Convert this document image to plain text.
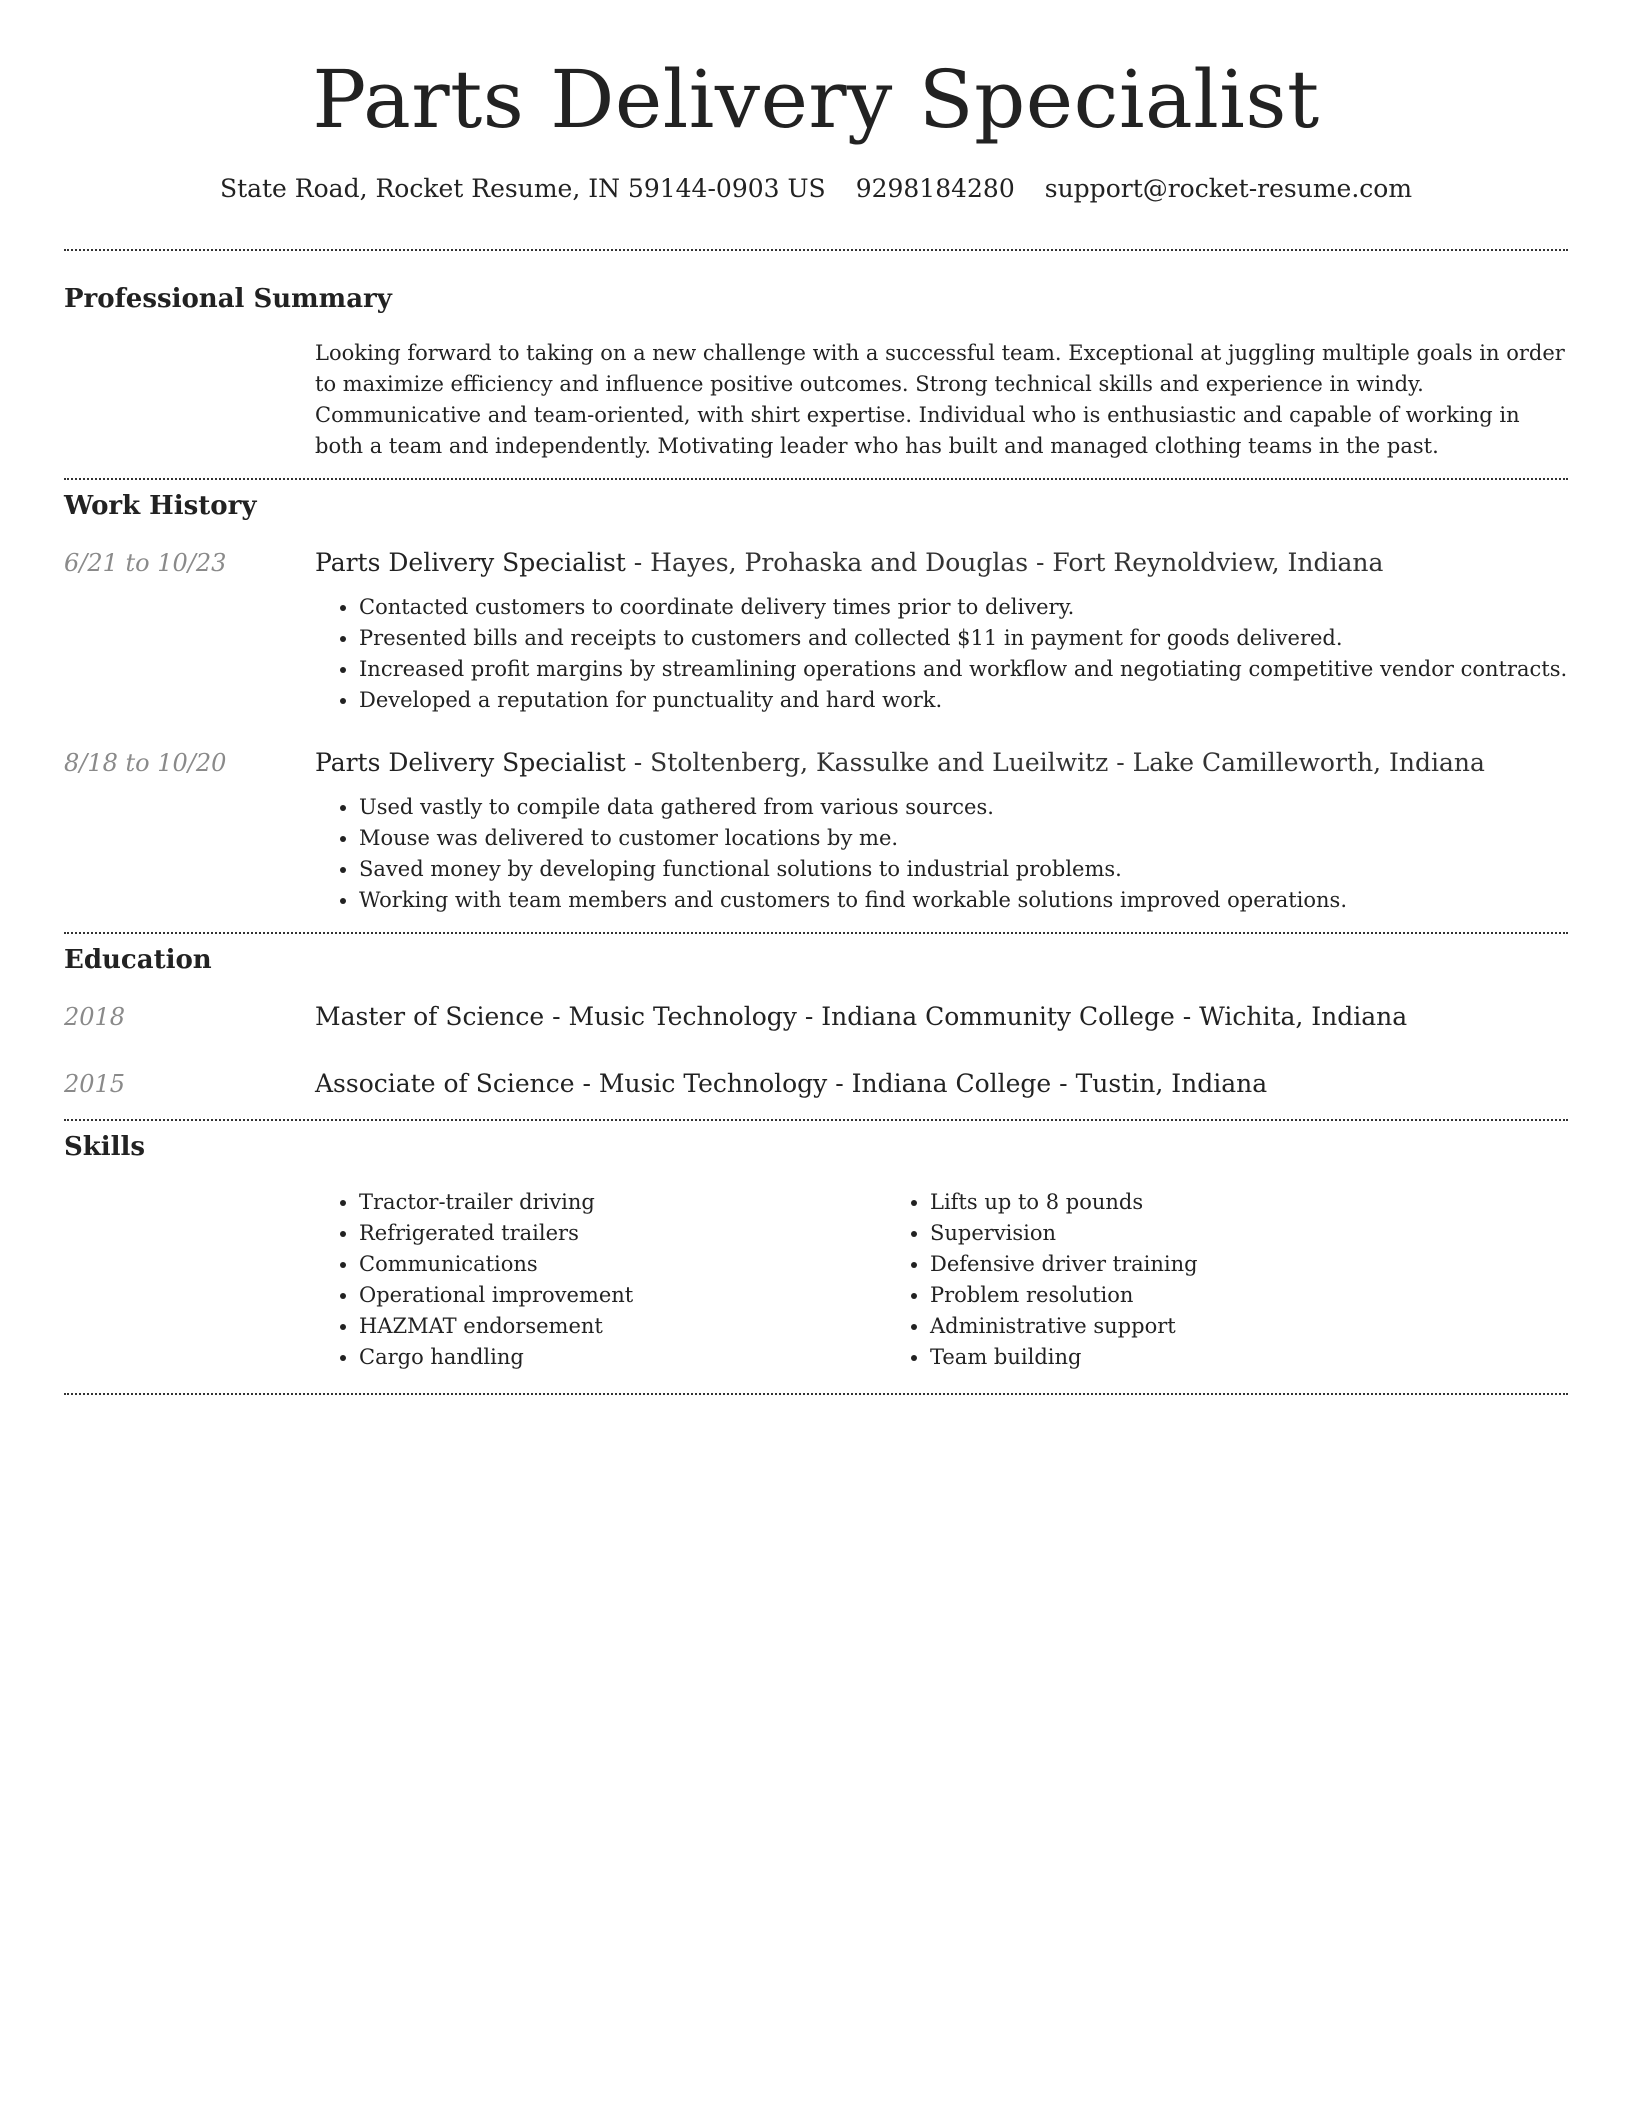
Parts Delivery Specialist
State Road, Rocket Resume, IN 59144-0903 US 9298184280 support@rocket-resume.com
Professional Summary

Looking forward to taking on a new challenge with a successful team. Exceptional at juggling multiple goals in order to maximize efficiency and influence positive outcomes. Strong technical skills and experience in windy. Communicative and team-oriented, with shirt expertise. Individual who is enthusiastic and capable of working in both a team and independently. Motivating leader who has built and managed clothing teams in the past.

Work History
6/21 to 10/23	Parts Delivery Specialist - Hayes, Prohaska and Douglas - Fort Reynoldview, Indiana
• Contacted customers to coordinate delivery times prior to delivery.
• Presented bills and receipts to customers and collected $11 in payment for goods delivered.
• Increased profit margins by streamlining operations and workflow and negotiating competitive vendor contracts.
• Developed a reputation for punctuality and hard work.
8/18 to 10/20	Parts Delivery Specialist - Stoltenberg, Kassulke and Lueilwitz - Lake Camilleworth, Indiana
• Used vastly to compile data gathered from various sources.
• Mouse was delivered to customer locations by me.
• Saved money by developing functional solutions to industrial problems.
• Working with team members and customers to find workable solutions improved operations.
Education
2018	Master of Science - Music Technology - Indiana Community College - Wichita, Indiana
2015	Associate of Science - Music Technology - Indiana College - Tustin, Indiana
Skills
• Tractor-trailer driving
• Refrigerated trailers
• Communications
• Operational improvement
• HAZMAT endorsement
• Cargo handling
• Lifts up to 8 pounds
• Supervision
• Defensive driver training
• Problem resolution
• Administrative support
• Team building
